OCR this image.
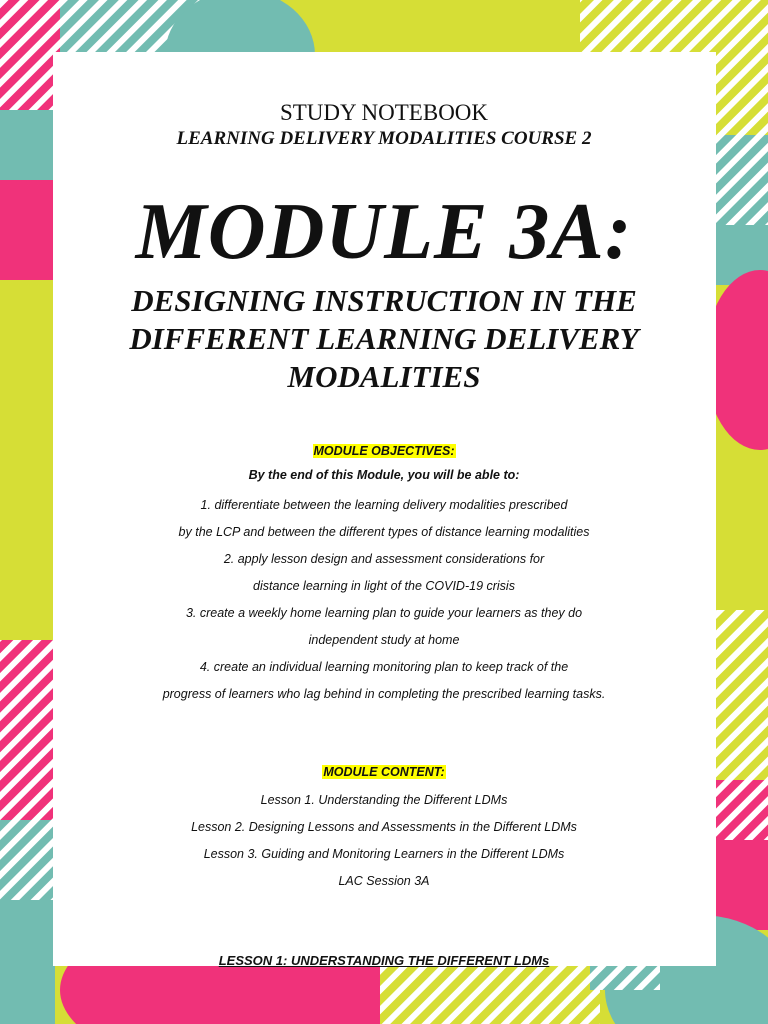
STUDY NOTEBOOK
LEARNING DELIVERY MODALITIES COURSE 2
MODULE 3A:
DESIGNING INSTRUCTION IN THE
DIFFERENT LEARNING DELIVERY
MODALITIES
MODULE OBJECTIVES:
By the end of this Module, you will be able to:
1. differentiate between the learning delivery modalities prescribed
by the LCP and between the different types of distance learning modalities
2. apply lesson design and assessment considerations for
distance learning in light of the COVID-19 crisis
3. create a weekly home learning plan to guide your learners as they do
independent study at home
4. create an individual learning monitoring plan to keep track of the
progress of learners who lag behind in completing the prescribed learning tasks.
MODULE CONTENT:
Lesson 1. Understanding the Different LDMs
Lesson 2. Designing Lessons and Assessments in the Different LDMs
Lesson 3. Guiding and Monitoring Learners in the Different LDMs
LAC Session 3A
LESSON 1: UNDERSTANDING THE DIFFERENT LDMs
